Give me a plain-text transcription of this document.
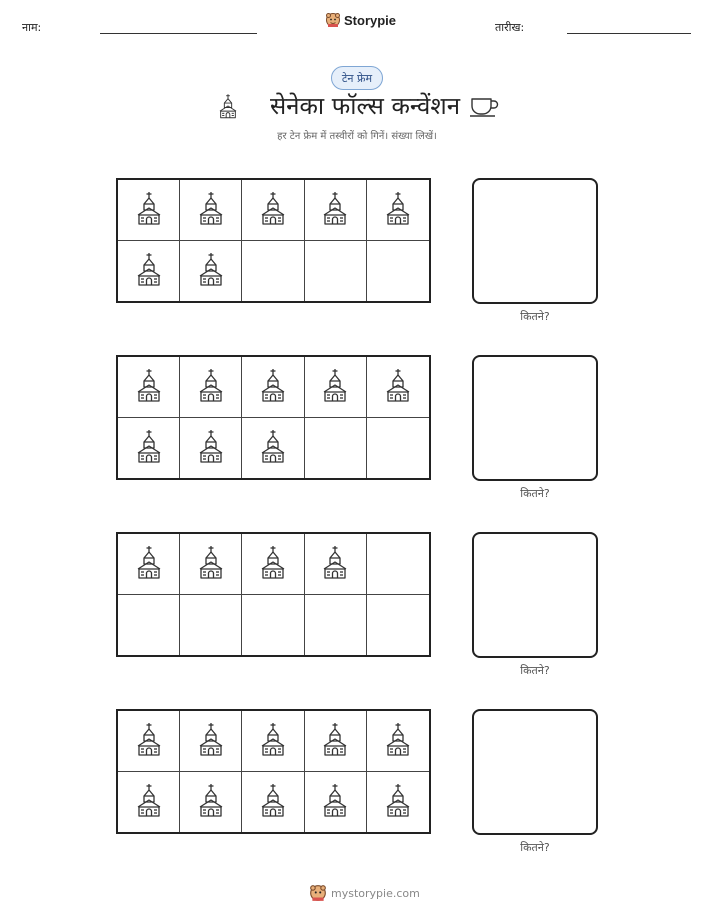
नाम:	Storypie	तारीख:
टेन फ्रेम
सेनेका फॉल्स कन्वेंशन
हर टेन फ्रेम में तस्वीरों को गिनें। संख्या लिखें।
कितने?
कितने?
कितने?
कितने?
mystorypie.com
